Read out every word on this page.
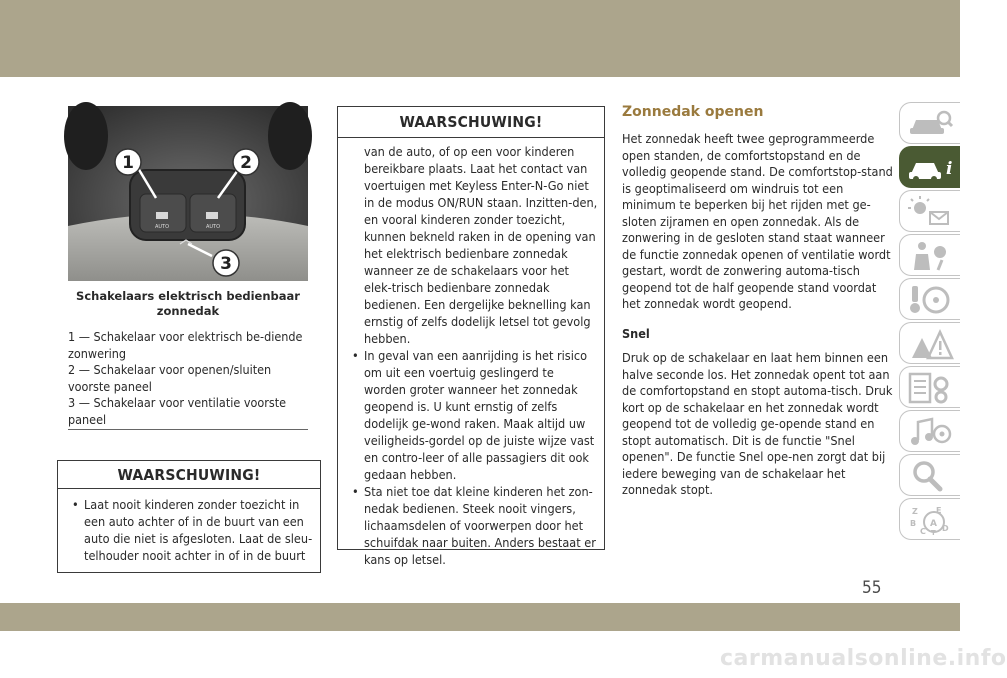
AUTO	AUTO
1	2
3
Schakelaars elektrisch bedienbaar zonnedak
1 — Schakelaar voor elektrisch be-diende zonwering
2 — Schakelaar voor openen/sluiten voorste paneel
3 — Schakelaar voor ventilatie voorste paneel
WAARSCHUWING!
• Laat nooit kinderen zonder toezicht in een auto achter of in de buurt van een auto die niet is afgesloten. Laat de sleu-telhouder nooit achter in of in de buurt
WAARSCHUWING!
van de auto, of op een voor kinderen bereikbare plaats. Laat het contact van voertuigen met Keyless Enter-N-Go niet in de modus ON/RUN staan. Inzitten-den, en vooral kinderen zonder toezicht, kunnen bekneld raken in de opening van het elektrisch bedienbare zonnedak wanneer ze de schakelaars voor het elek-trisch bedienbare zonnedak bedienen. Een dergelijke beknelling kan ernstig of zelfs dodelijk letsel tot gevolg hebben.
• In geval van een aanrijding is het risico om uit een voertuig geslingerd te worden groter wanneer het zonnedak geopend is. U kunt ernstig of zelfs dodelijk ge-wond raken. Maak altijd uw veiligheids-gordel op de juiste wijze vast en contro-leer of alle passagiers dit ook gedaan hebben.
• Sta niet toe dat kleine kinderen het zon-nedak bedienen. Steek nooit vingers, lichaamsdelen of voorwerpen door het schuifdak naar buiten. Anders bestaat er kans op letsel.
Zonnedak openen
Het zonnedak heeft twee geprogrammeerde open standen, de comfortstopstand en de volledig geopende stand. De comfortstop-stand is geoptimaliseerd om windruis tot een minimum te beperken bij het rijden met ge-sloten zijramen en open zonnedak. Als de zonwering in de gesloten stand staat wanneer de functie zonnedak openen of ventilatie wordt gestart, wordt de zonwering automa-tisch geopend tot de half geopende stand voordat het zonnedak wordt geopend.
Snel
Druk op de schakelaar en laat hem binnen een halve seconde los. Het zonnedak opent tot aan de comfortopstand en stopt automa-tisch. Druk kort op de schakelaar en het zonnedak wordt geopend tot de volledig ge-opende stand en stopt automatisch. Dit is de functie "Snel openen". De functie Snel ope-nen zorgt dat bij iedere beweging van de schakelaar het zonnedak stopt.
i
Z E
B A
C D
T
55
carmanualsonline.info
